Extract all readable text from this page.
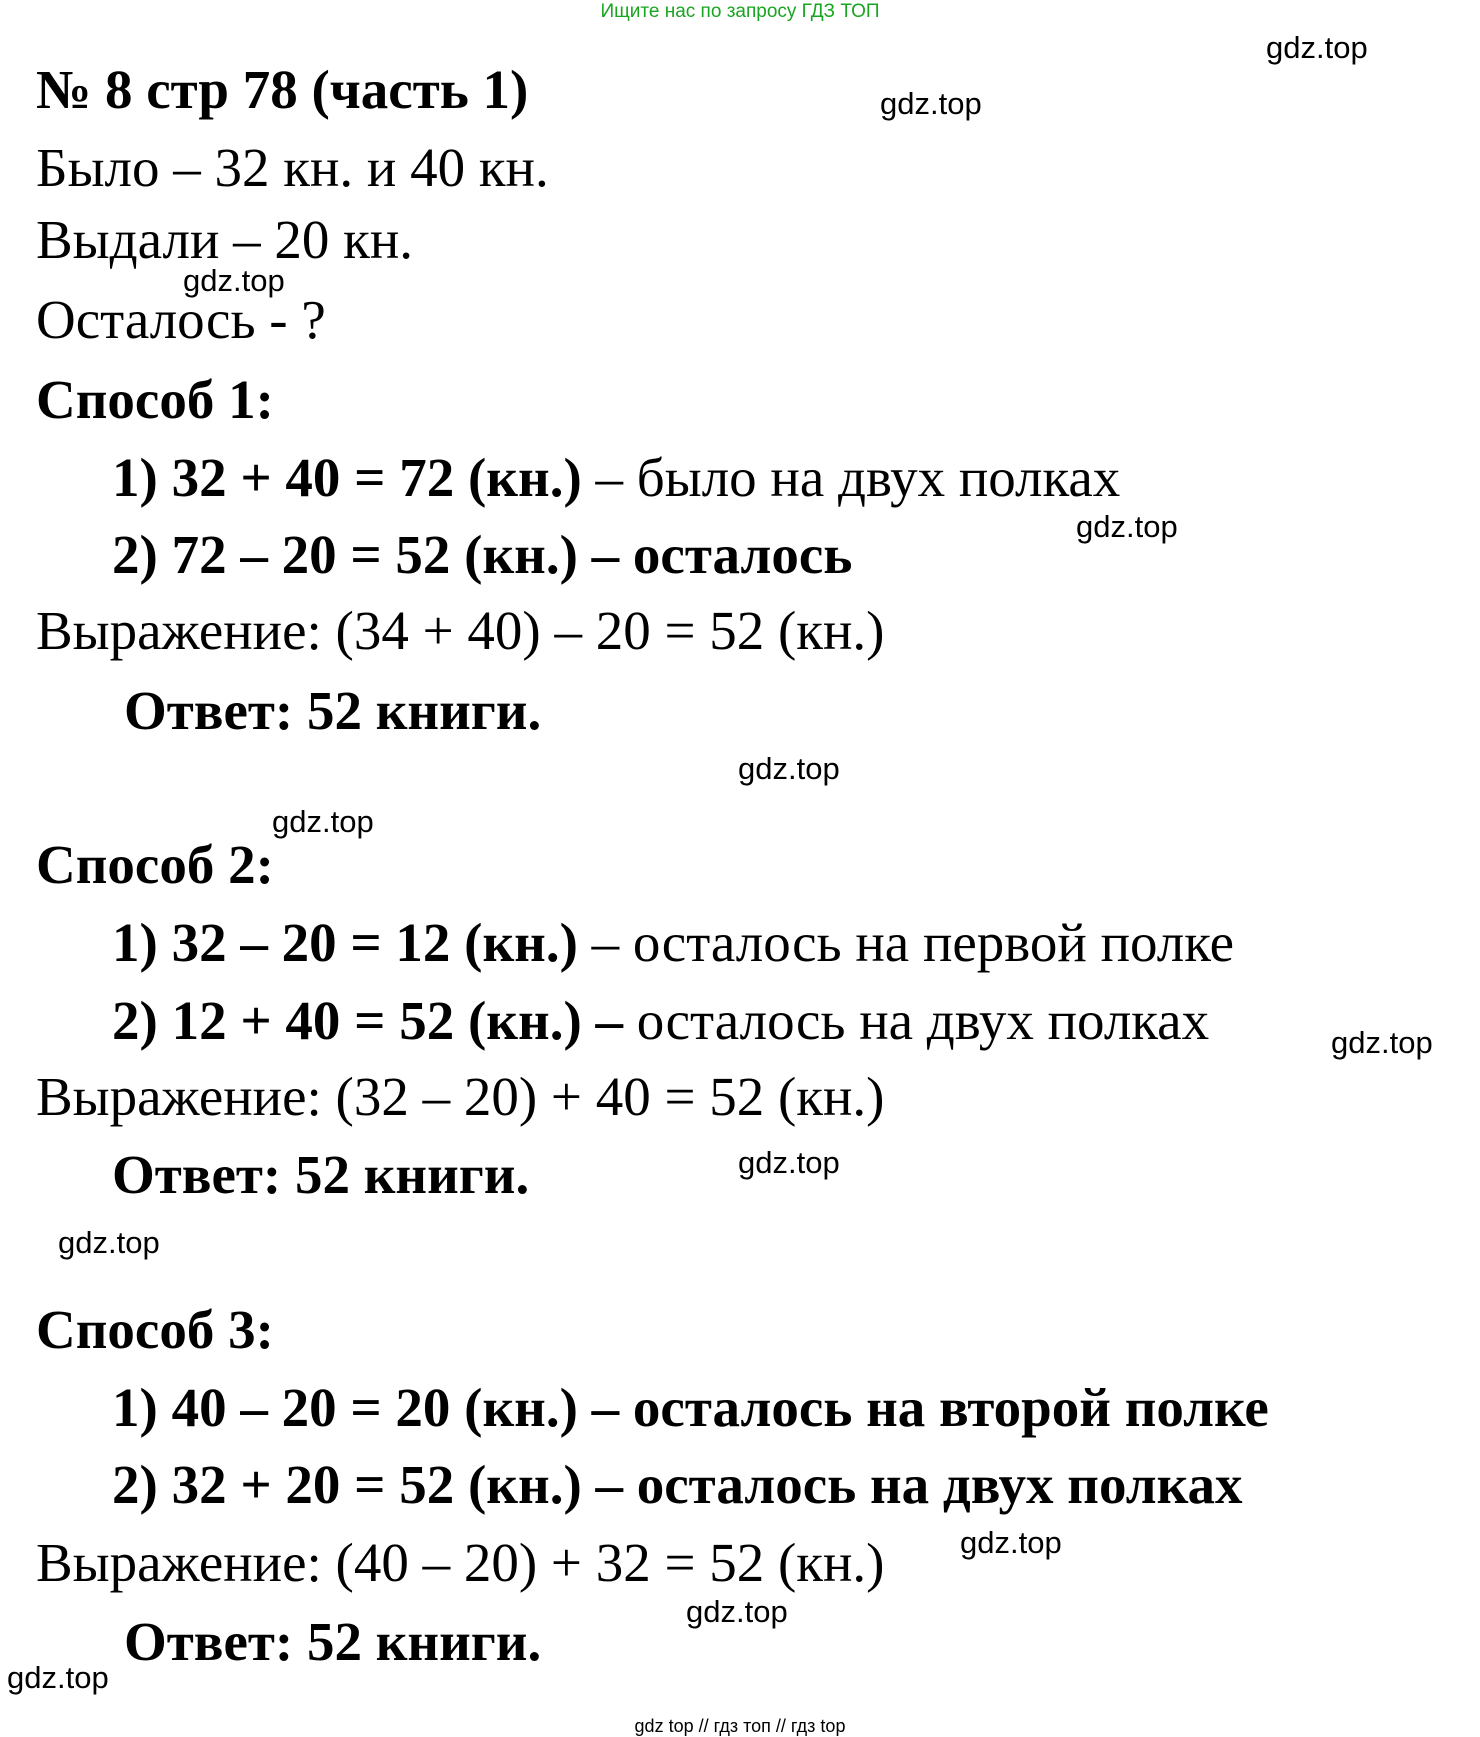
Ищите нас по запросу ГДЗ ТОП
№ 8 стр 78 (часть 1)
Было – 32 кн. и 40 кн.
Выдали – 20 кн.
Осталось - ?
Способ 1:
1) 32 + 40 = 72 (кн.) – было на двух полках
2) 72 – 20 = 52 (кн.) – осталось
Выражение: (34 + 40) – 20 = 52 (кн.)
Ответ: 52 книги.
Способ 2:
1) 32 – 20 = 12 (кн.) – осталось на первой полке
2) 12 + 40 = 52 (кн.) – осталось на двух полках
Выражение: (32 – 20) + 40 = 52 (кн.)
Ответ: 52 книги.
Способ 3:
1) 40 – 20 = 20 (кн.) – осталось на второй полке
2) 32 + 20 = 52 (кн.) – осталось на двух полках
Выражение: (40 – 20) + 32 = 52 (кн.)
Ответ: 52 книги.
gdz.top
gdz.top
gdz.top
gdz.top
gdz.top
gdz.top
gdz.top
gdz.top
gdz.top
gdz.top
gdz.top
gdz.top
gdz top // гдз топ // гдз top
